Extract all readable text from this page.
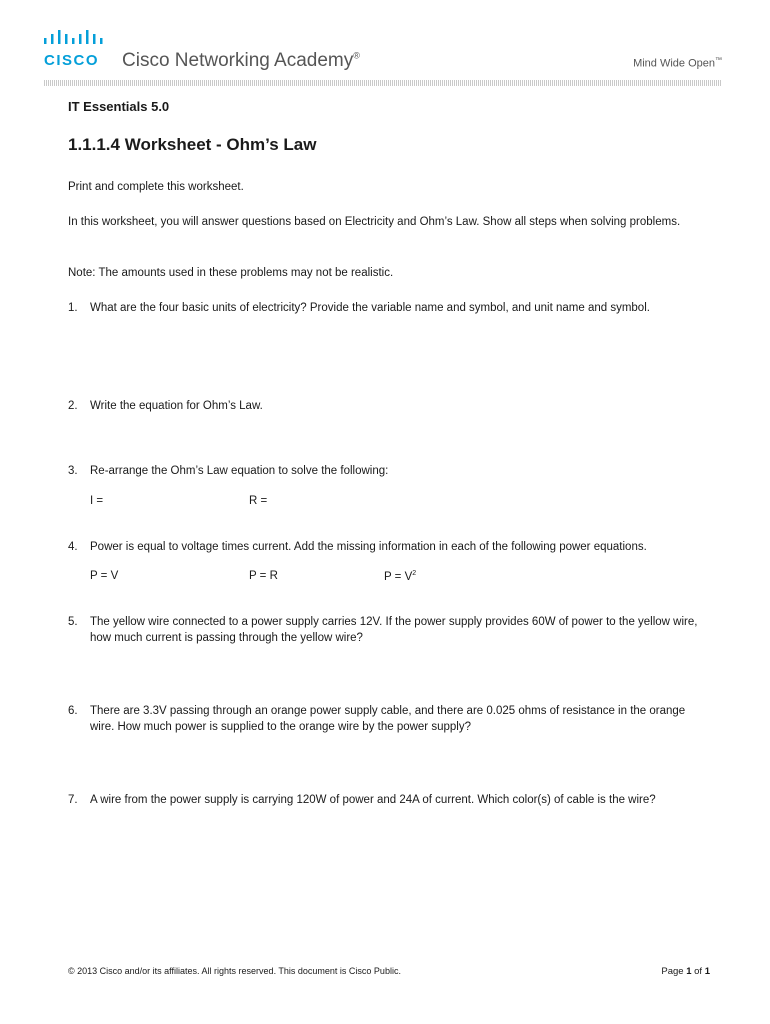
CISCO Cisco Networking Academy®
Mind Wide Open™
IT Essentials 5.0
1.1.1.4 Worksheet - Ohm’s Law
Print and complete this worksheet.
In this worksheet, you will answer questions based on Electricity and Ohm’s Law. Show all steps when solving problems.
Note: The amounts used in these problems may not be realistic.
1. What are the four basic units of electricity? Provide the variable name and symbol, and unit name and symbol.
2. Write the equation for Ohm’s Law.
3. Re-arrange the Ohm’s Law equation to solve the following:
I =	R =
4. Power is equal to voltage times current. Add the missing information in each of the following power equations.
P = V	P = R	$P = V^2$
5. The yellow wire connected to a power supply carries 12V. If the power supply provides 60W of power to the yellow wire, how much current is passing through the yellow wire?
6. There are 3.3V passing through an orange power supply cable, and there are 0.025 ohms of resistance in the orange wire. How much power is supplied to the orange wire by the power supply?
7. A wire from the power supply is carrying 120W of power and 24A of current. Which color(s) of cable is the wire?
© 2013 Cisco and/or its affiliates. All rights reserved. This document is Cisco Public.	Page 1 of 1
